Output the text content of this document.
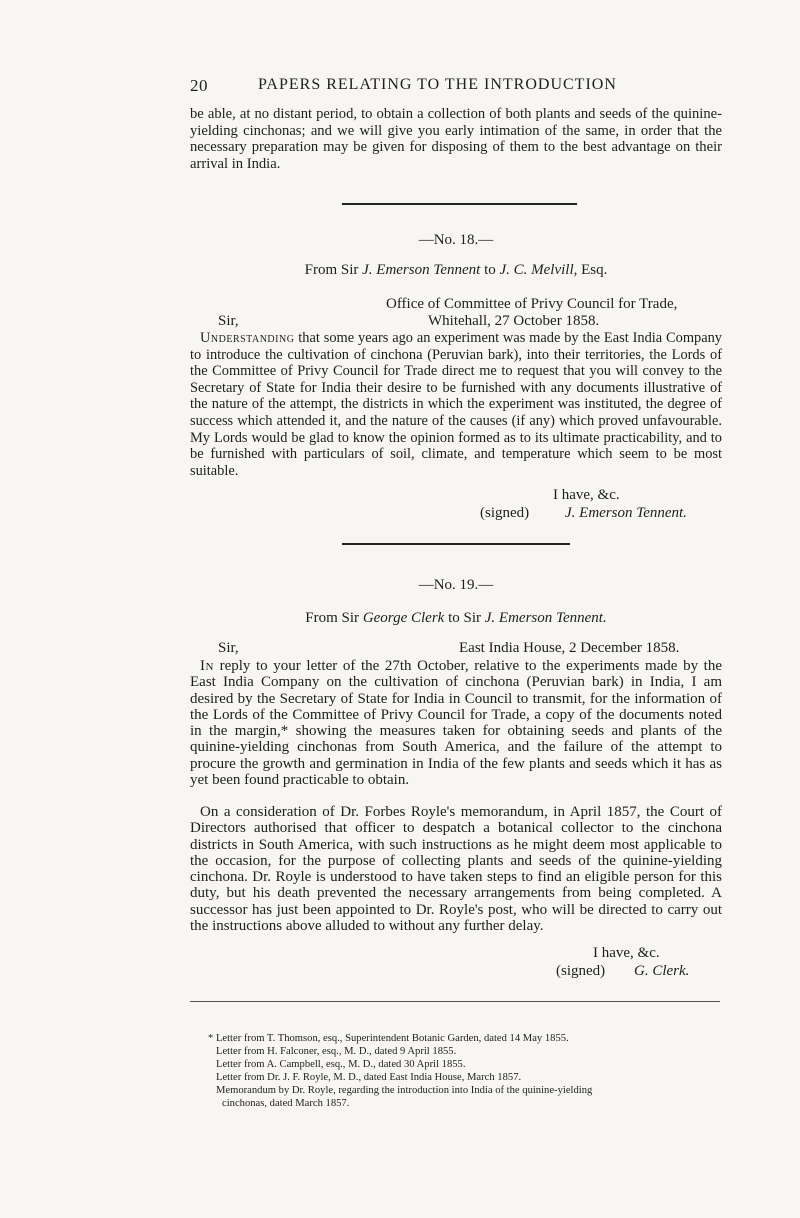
20	PAPERS RELATING TO THE INTRODUCTION
be able, at no distant period, to obtain a collection of both plants and seeds of the quinine-yielding cinchonas; and we will give you early intimation of the same, in order that the necessary preparation may be given for disposing of them to the best advantage on their arrival in India.
—No. 18.—
From Sir J. Emerson Tennent to J. C. Melvill, Esq.
Office of Committee of Privy Council for Trade,
Sir,	Whitehall, 27 October 1858.
Understanding that some years ago an experiment was made by the East India Company to introduce the cultivation of cinchona (Peruvian bark), into their territories, the Lords of the Committee of Privy Council for Trade direct me to request that you will convey to the Secretary of State for India their desire to be furnished with any documents illustrative of the nature of the attempt, the districts in which the experiment was instituted, the degree of success which attended it, and the nature of the causes (if any) which proved unfavourable. My Lords would be glad to know the opinion formed as to its ultimate practicability, and to be furnished with particulars of soil, climate, and temperature which seem to be most suitable.
I have, &c.
(signed) J. Emerson Tennent.
—No. 19.—
From Sir George Clerk to Sir J. Emerson Tennent.
Sir,	East India House, 2 December 1858.
In reply to your letter of the 27th October, relative to the experiments made by the East India Company on the cultivation of cinchona (Peruvian bark) in India, I am desired by the Secretary of State for India in Council to transmit, for the information of the Lords of the Committee of Privy Council for Trade, a copy of the documents noted in the margin,* showing the measures taken for obtaining seeds and plants of the quinine-yielding cinchonas from South America, and the failure of the attempt to procure the growth and germination in India of the few plants and seeds which it has as yet been found practicable to obtain.
On a consideration of Dr. Forbes Royle's memorandum, in April 1857, the Court of Directors authorised that officer to despatch a botanical collector to the cinchona districts in South America, with such instructions as he might deem most applicable to the occasion, for the purpose of collecting plants and seeds of the quinine-yielding cinchona. Dr. Royle is understood to have taken steps to find an eligible person for this duty, but his death prevented the necessary arrangements from being completed. A successor has just been appointed to Dr. Royle's post, who will be directed to carry out the instructions above alluded to without any further delay.
I have, &c.
(signed) G. Clerk.
* Letter from T. Thomson, esq., Superintendent Botanic Garden, dated 14 May 1855.
Letter from H. Falconer, esq., M. D., dated 9 April 1855.
Letter from A. Campbell, esq., M. D., dated 30 April 1855.
Letter from Dr. J. F. Royle, M. D., dated East India House, March 1857.
Memorandum by Dr. Royle, regarding the introduction into India of the quinine-yielding
cinchonas, dated March 1857.
